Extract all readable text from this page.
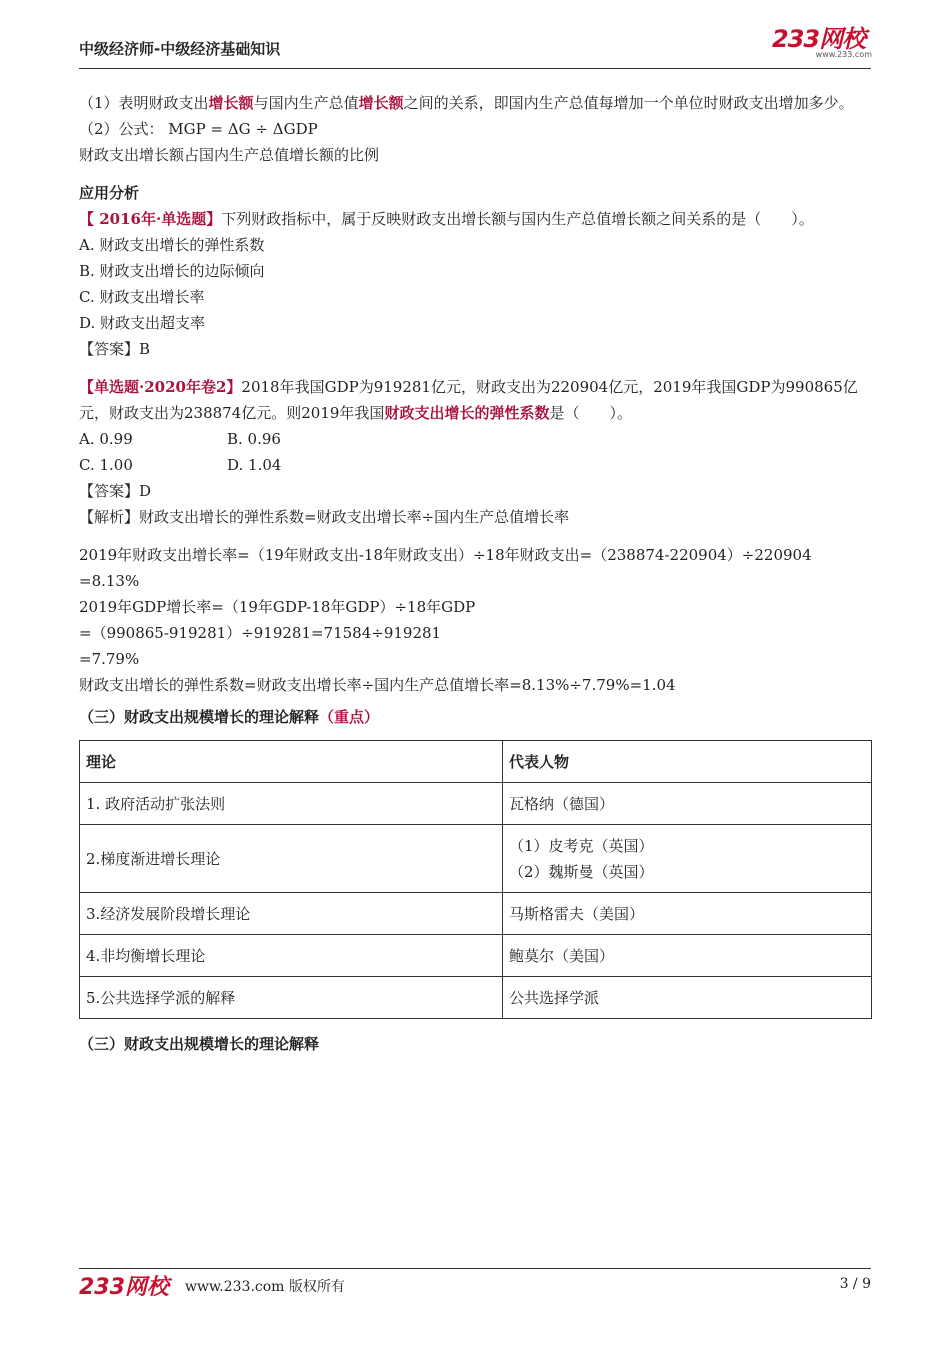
中级经济师-中级经济基础知识	233网校
www.233.com

（1）表明财政支出增长额与国内生产总值增长额之间的关系，即国内生产总值每增加一个单位时财政支出增加多少。

（2）公式： MGP = ΔG ÷ ΔGDP

财政支出增长额占国内生产总值增长额的比例

应用分析

【 2016年·单选题】下列财政指标中，属于反映财政支出增长额与国内生产总值增长额之间关系的是（　　）。

A. 财政支出增长的弹性系数

B. 财政支出增长的边际倾向

C. 财政支出增长率

D. 财政支出超支率

【答案】B

【单选题·2020年卷2】2018年我国GDP为919281亿元，财政支出为220904亿元，2019年我国GDP为990865亿元，财政支出为238874亿元。则2019年我国财政支出增长的弹性系数是（　　）。

A. 0.99	B. 0.96
C. 1.00	D. 1.04

【答案】D

【解析】财政支出增长的弹性系数=财政支出增长率÷国内生产总值增长率

2019年财政支出增长率=（19年财政支出-18年财政支出）÷18年财政支出=（238874-220904）÷220904

=8.13%

2019年GDP增长率=（19年GDP-18年GDP）÷18年GDP

=（990865-919281）÷919281=71584÷919281

=7.79%

财政支出增长的弹性系数=财政支出增长率÷国内生产总值增长率=8.13%÷7.79%=1.04

（三）财政支出规模增长的理论解释（重点）

理论	代表人物
1. 政府活动扩张法则	瓦格纳（德国）
2.梯度渐进增长理论	（1）皮考克（英国）
（2）魏斯曼（英国）

3.经济发展阶段增长理论	马斯格雷夫（美国）
4.非均衡增长理论	鲍莫尔（美国）
5.公共选择学派的解释	公共选择学派

（三）财政支出规模增长的理论解释

233网校 www.233.com 版权所有	3 / 9
